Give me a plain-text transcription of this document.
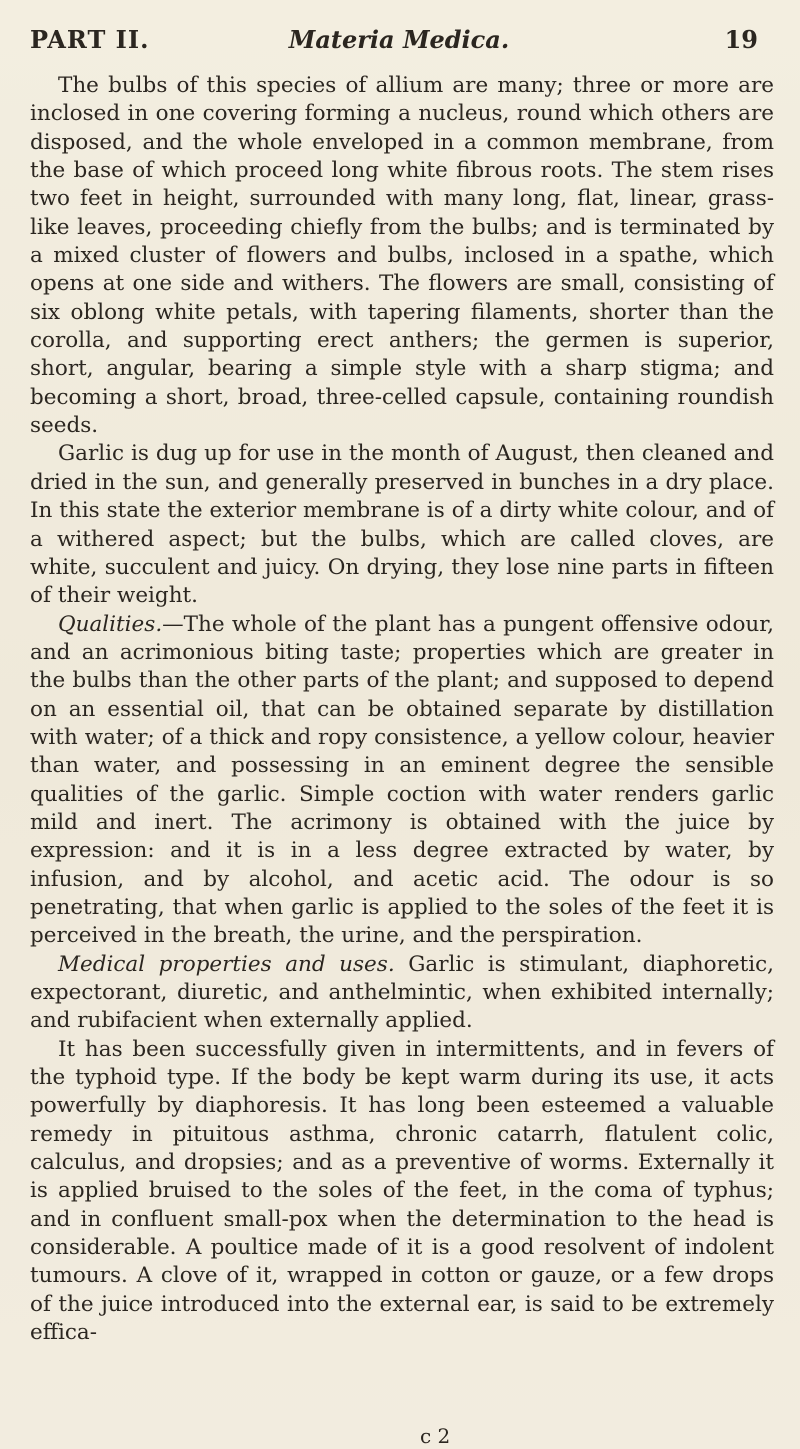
PART II.	Materia Medica.	19

The bulbs of this species of allium are many; three or more are inclosed in one covering forming a nucleus, round which others are disposed, and the whole enveloped in a common membrane, from the base of which proceed long white fibrous roots. The stem rises two feet in height, surrounded with many long, flat, linear, grass-like leaves, proceeding chiefly from the bulbs; and is terminated by a mixed cluster of flowers and bulbs, inclosed in a spathe, which opens at one side and withers. The flowers are small, consisting of six oblong white petals, with tapering filaments, shorter than the corolla, and supporting erect anthers; the germen is superior, short, angular, bearing a simple style with a sharp stigma; and becoming a short, broad, three-celled capsule, containing roundish seeds.

Garlic is dug up for use in the month of August, then cleaned and dried in the sun, and generally preserved in bunches in a dry place. In this state the exterior membrane is of a dirty white colour, and of a withered aspect; but the bulbs, which are called cloves, are white, succulent and juicy. On drying, they lose nine parts in fifteen of their weight.

Qualities.—The whole of the plant has a pungent offensive odour, and an acrimonious biting taste; properties which are greater in the bulbs than the other parts of the plant; and supposed to depend on an essential oil, that can be obtained separate by distillation with water; of a thick and ropy consistence, a yellow colour, heavier than water, and possessing in an eminent degree the sensible qualities of the garlic. Simple coction with water renders garlic mild and inert. The acrimony is obtained with the juice by expression: and it is in a less degree extracted by water, by infusion, and by alcohol, and acetic acid. The odour is so penetrating, that when garlic is applied to the soles of the feet it is perceived in the breath, the urine, and the perspiration.

Medical properties and uses. Garlic is stimulant, diaphoretic, expectorant, diuretic, and anthelmintic, when exhibited internally; and rubifacient when externally applied.

It has been successfully given in intermittents, and in fevers of the typhoid type. If the body be kept warm during its use, it acts powerfully by diaphoresis. It has long been esteemed a valuable remedy in pituitous asthma, chronic catarrh, flatulent colic, calculus, and dropsies; and as a preventive of worms. Externally it is applied bruised to the soles of the feet, in the coma of typhus; and in confluent small-pox when the determination to the head is considerable. A poultice made of it is a good resolvent of indolent tumours. A clove of it, wrapped in cotton or gauze, or a few drops of the juice introduced into the external ear, is said to be extremely effica-

c 2
